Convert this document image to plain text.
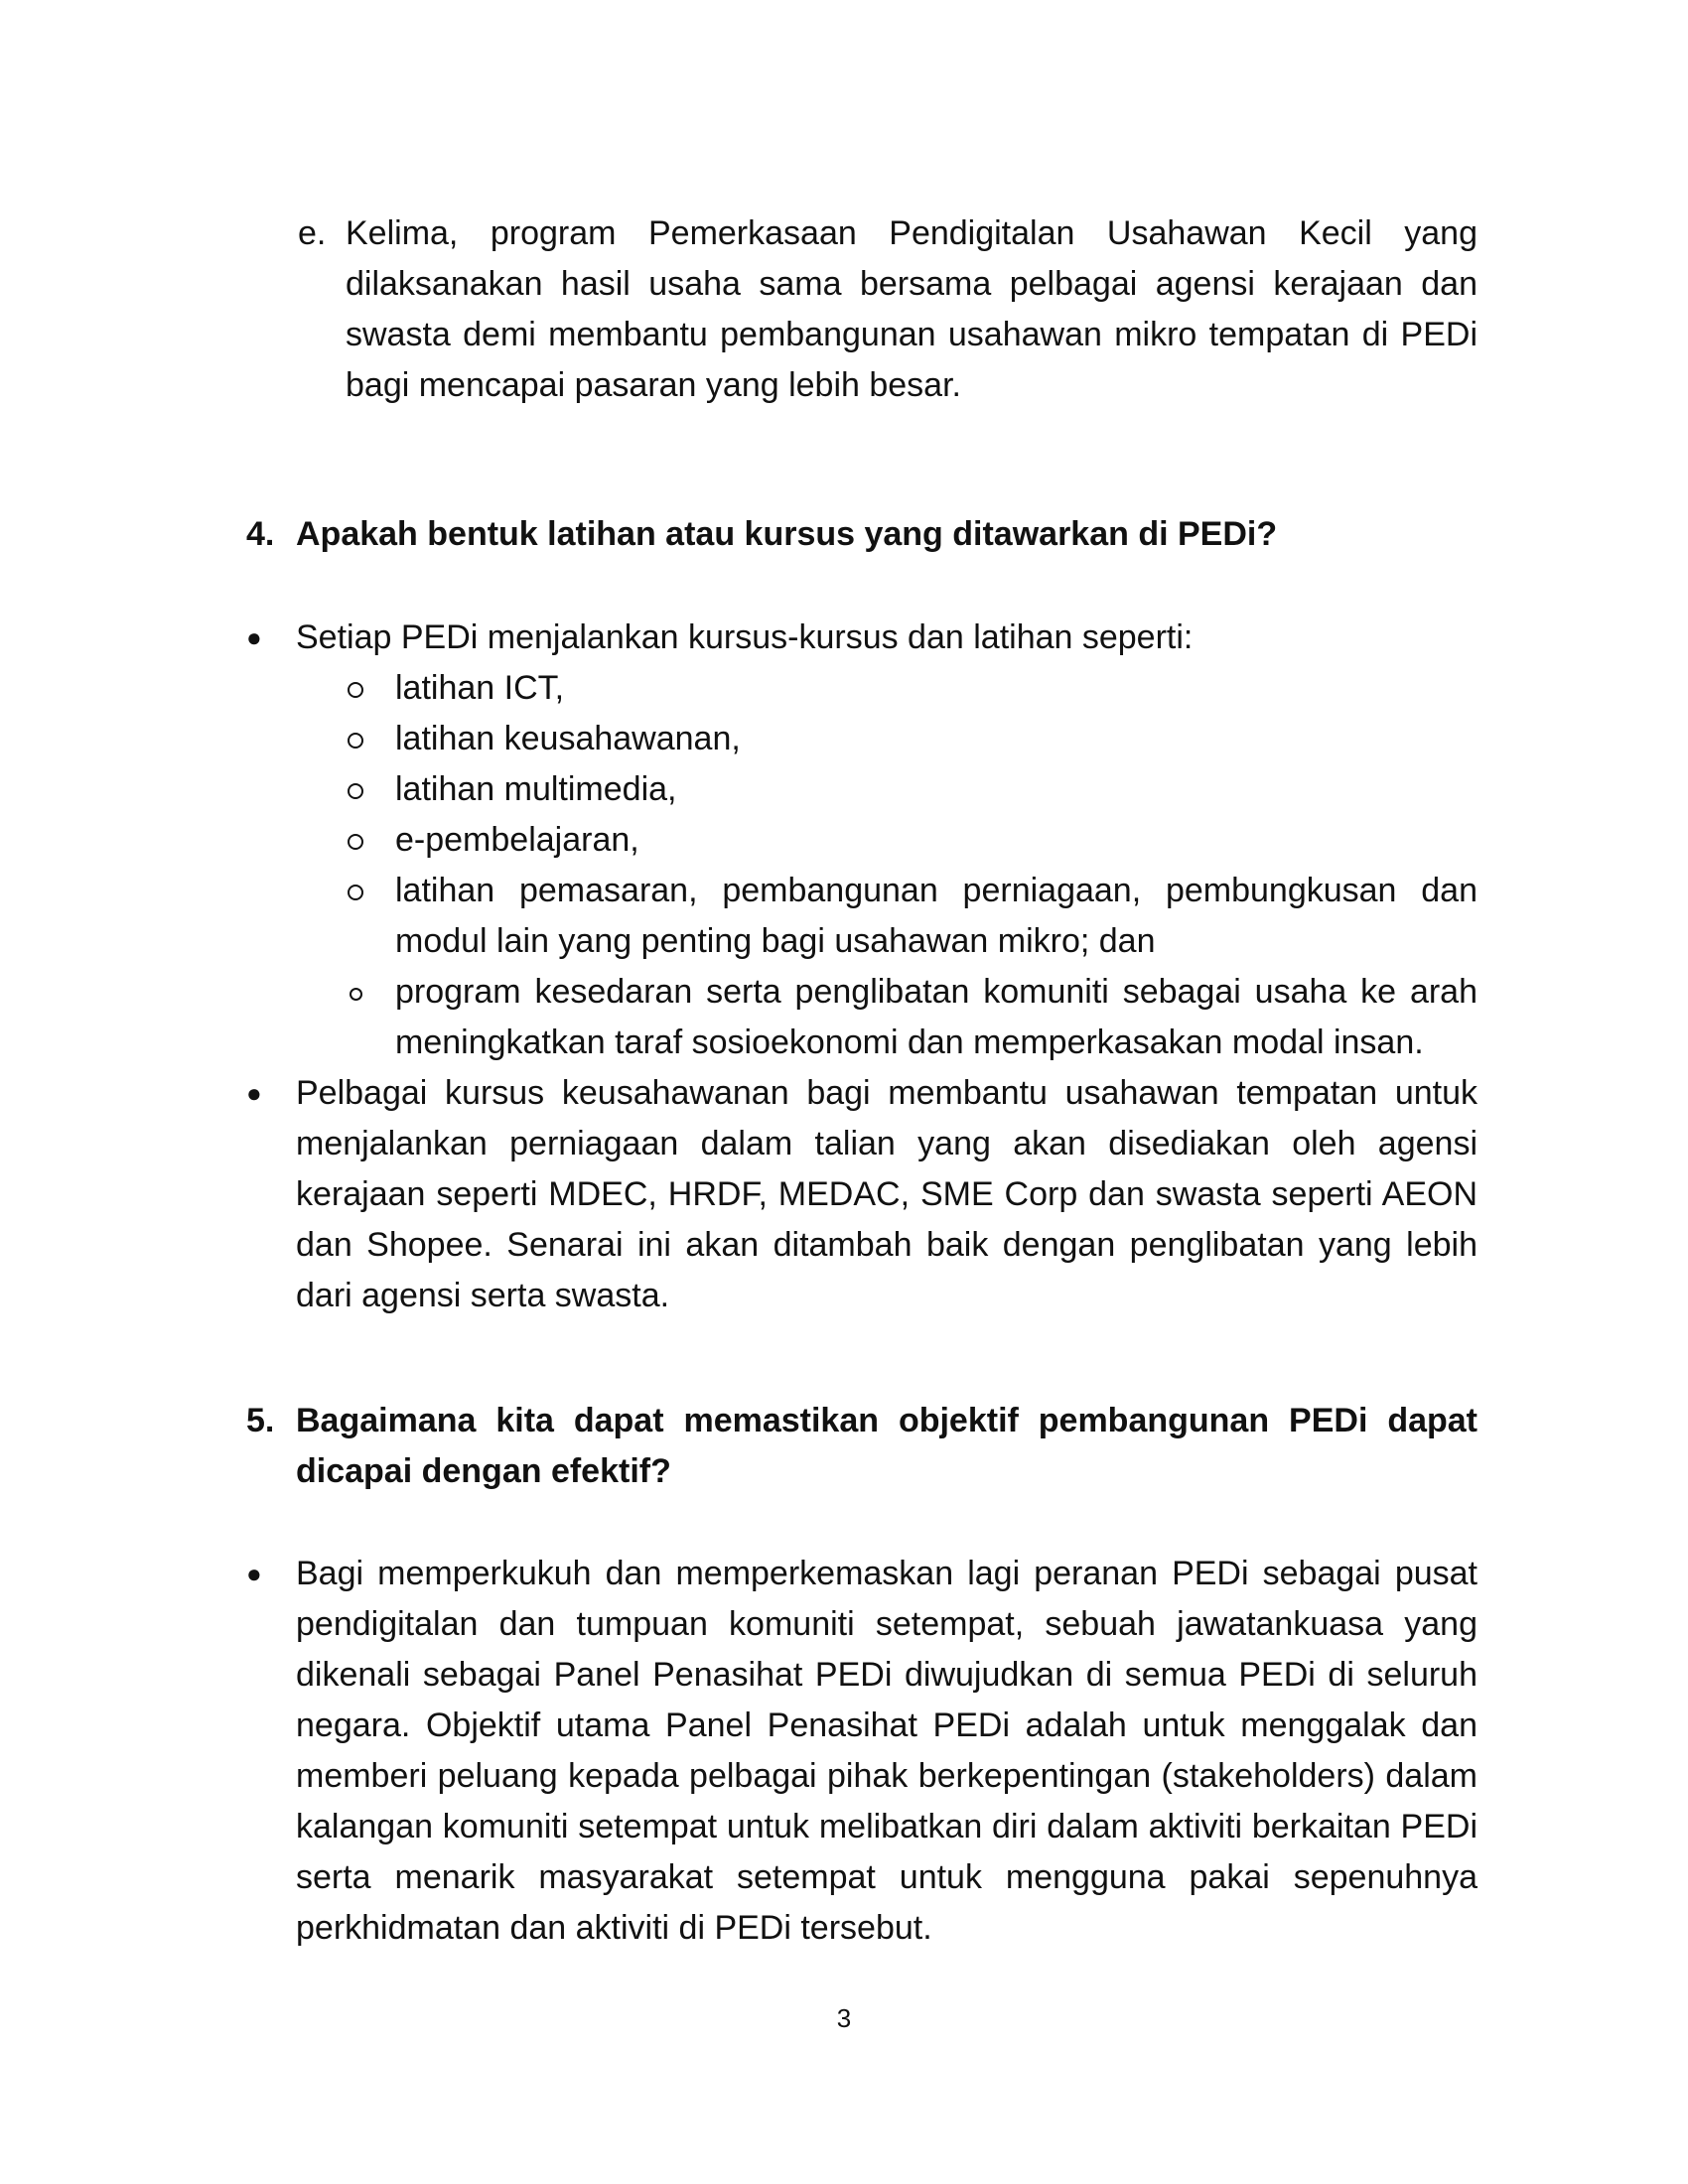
e. Kelima, program Pemerkasaan Pendigitalan Usahawan Kecil yang dilaksanakan hasil usaha sama bersama pelbagai agensi kerajaan dan swasta demi membantu pembangunan usahawan mikro tempatan di PEDi bagi mencapai pasaran yang lebih besar.

4. Apakah bentuk latihan atau kursus yang ditawarkan di PEDi?

● Setiap PEDi menjalankan kursus-kursus dan latihan seperti:

latihan ICT,

latihan keusahawanan,

latihan multimedia,

e-pembelajaran,

latihan pemasaran, pembangunan perniagaan, pembungkusan dan modul lain yang penting bagi usahawan mikro; dan

program kesedaran serta penglibatan komuniti sebagai usaha ke arah meningkatkan taraf sosioekonomi dan memperkasakan modal insan.

● Pelbagai kursus keusahawanan bagi membantu usahawan tempatan untuk menjalankan perniagaan dalam talian yang akan disediakan oleh agensi kerajaan seperti MDEC, HRDF, MEDAC, SME Corp dan swasta seperti AEON dan Shopee. Senarai ini akan ditambah baik dengan penglibatan yang lebih dari agensi serta swasta.

5. Bagaimana kita dapat memastikan objektif pembangunan PEDi dapat dicapai dengan efektif?

● Bagi memperkukuh dan memperkemaskan lagi peranan PEDi sebagai pusat pendigitalan dan tumpuan komuniti setempat, sebuah jawatankuasa yang dikenali sebagai Panel Penasihat PEDi diwujudkan di semua PEDi di seluruh negara. Objektif utama Panel Penasihat PEDi adalah untuk menggalak dan memberi peluang kepada pelbagai pihak berkepentingan (stakeholders) dalam kalangan komuniti setempat untuk melibatkan diri dalam aktiviti berkaitan PEDi serta menarik masyarakat setempat untuk mengguna pakai sepenuhnya perkhidmatan dan aktiviti di PEDi tersebut.

3
